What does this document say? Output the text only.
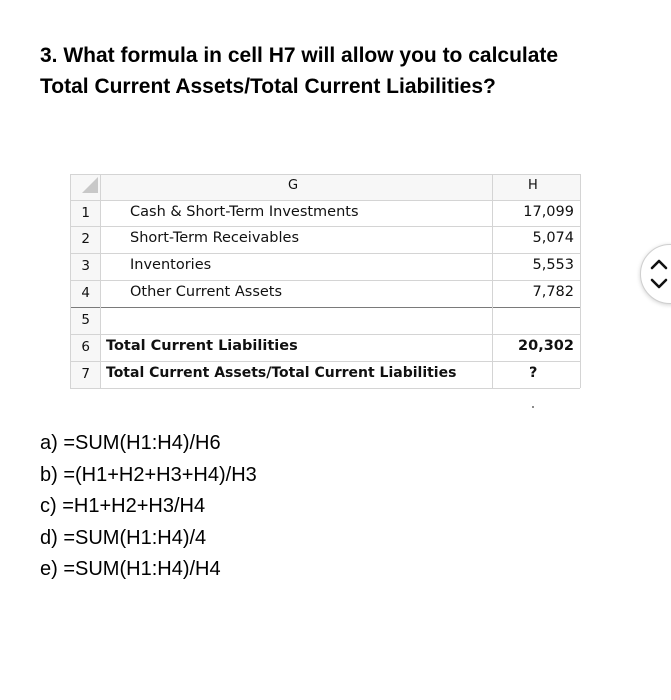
3. What formula in cell H7 will allow you to calculate Total Current Assets/Total Current Liabilities?

G	H
1
2
3
4
5
6
7
Cash & Short-Term Investments
Short-Term Receivables
Inventories
Other Current Assets
Total Current Liabilities
Total Current Assets/Total Current Liabilities
17,099
5,074
5,553
7,782
20,302
?
a) =SUM(H1:H4)/H6
b) =(H1+H2+H3+H4)/H3
c) =H1+H2+H3/H4
d) =SUM(H1:H4)/4
e) =SUM(H1:H4)/H4
